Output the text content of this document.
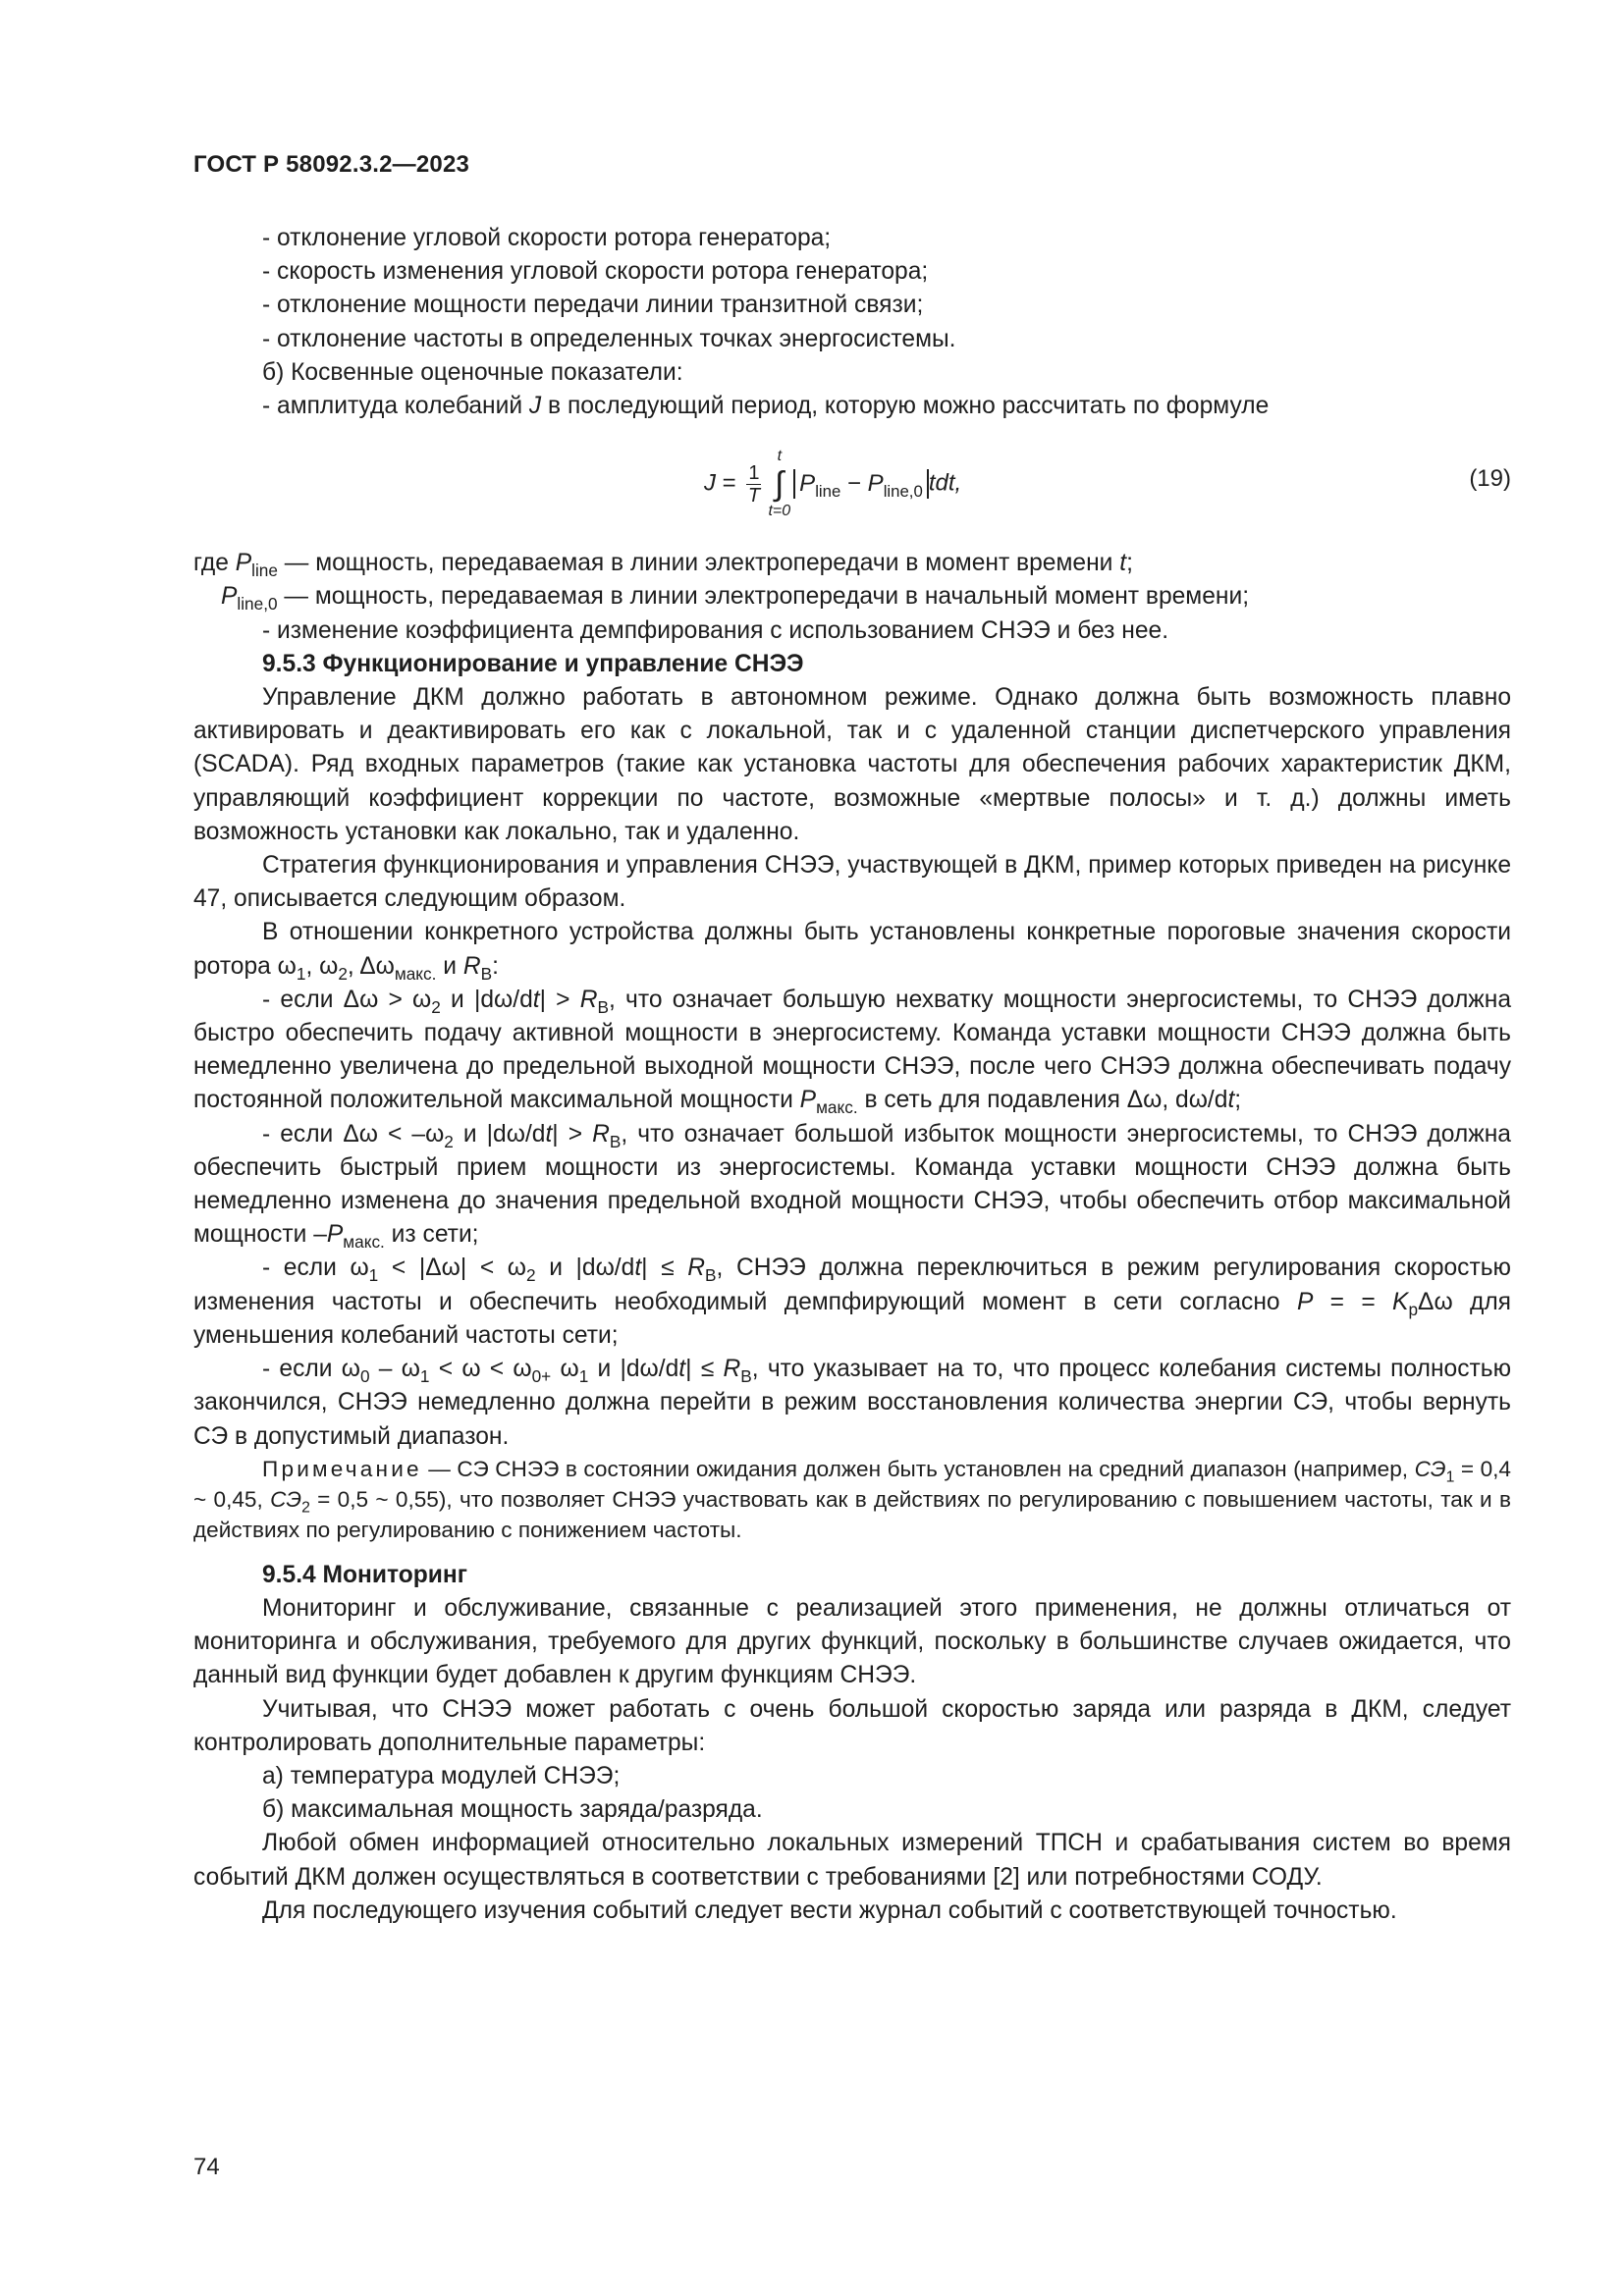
ГОСТ Р 58092.3.2—2023

- отклонение угловой скорости ротора генератора;

- скорость изменения угловой скорости ротора генератора;

- отклонение мощности передачи линии транзитной связи;

- отклонение частоты в определенных точках энергосистемы.

б) Косвенные оценочные показатели:

- амплитуда колебаний J в последующий период, которую можно рассчитать по формуле

$J = \frac{1}{T}$
t
∫
$t=0P_{line} - P_{line,0}$ tdt,	(19)

где $P_{line}$ — мощность, передаваемая в линии электропередачи в момент времени t;

$P_{line,0}$ — мощность, передаваемая в линии электропередачи в начальный момент времени;

- изменение коэффициента демпфирования с использованием СНЭЭ и без нее.

9.5.3 Функционирование и управление СНЭЭ

Управление ДКМ должно работать в автономном режиме. Однако должна быть возможность плавно активировать и деактивировать его как с локальной, так и с удаленной станции диспетчерского управления (SCADA). Ряд входных параметров (такие как установка частоты для обеспечения рабочих характеристик ДКМ, управляющий коэффициент коррекции по частоте, возможные «мертвые полосы» и т. д.) должны иметь возможность установки как локально, так и удаленно.

Стратегия функционирования и управления СНЭЭ, участвующей в ДКМ, пример которых приведен на рисунке 47, описывается следующим образом.

В отношении конкретного устройства должны быть установлены конкретные пороговые значения скорости ротора $\omega_1$, $\omega_2$, $\Delta\omega_{макс.}$ и $R_B$:

- если $\Delta\omega > \omega_2$ и $|d\omega/dt| > R_B$, что означает большую нехватку мощности энергосистемы, то СНЭЭ должна быстро обеспечить подачу активной мощности в энергосистему. Команда уставки мощности СНЭЭ должна быть немедленно увеличена до предельной выходной мощности СНЭЭ, после чего СНЭЭ должна обеспечивать подачу постоянной положительной максимальной мощности $P_{макс.}$ в сеть для подавления Δω, dω/dt;

- если $\Delta\omega < -\omega_2$ и $|d\omega/dt| > R_B$, что означает большой избыток мощности энергосистемы, то СНЭЭ должна обеспечить быстрый прием мощности из энергосистемы. Команда уставки мощности СНЭЭ должна быть немедленно изменена до значения предельной входной мощности СНЭЭ, чтобы обеспечить отбор максимальной мощности $-P_{макс.}$ из сети;

- если $\omega_1 < |\Delta\omega| < \omega_2$ и $|d\omega/dt| \le R_B$, СНЭЭ должна переключиться в режим регулирования скоростью изменения частоты и обеспечить необходимый демпфирующий момент в сети согласно P = = $K_p\Delta\omega$ для уменьшения колебаний частоты сети;

- если $\omega_0 - \omega_1 < \omega < \omega_{0+}$ $\omega_1$ и $|d\omega/dt| \le R_B$, что указывает на то, что процесс колебания системы полностью закончился, СНЭЭ немедленно должна перейти в режим восстановления количества энергии СЭ, чтобы вернуть СЭ в допустимый диапазон.

Примечание — СЭ СНЭЭ в состоянии ожидания должен быть установлен на средний диапазон (например, $СЭ_1 = 0,4$ ~ 0,45, $СЭ_2 = 0,5$ ~ 0,55), что позволяет СНЭЭ участвовать как в действиях по регулированию с повышением частоты, так и в действиях по регулированию с понижением частоты.

9.5.4 Мониторинг

Мониторинг и обслуживание, связанные с реализацией этого применения, не должны отличаться от мониторинга и обслуживания, требуемого для других функций, поскольку в большинстве случаев ожидается, что данный вид функции будет добавлен к другим функциям СНЭЭ.

Учитывая, что СНЭЭ может работать с очень большой скоростью заряда или разряда в ДКМ, следует контролировать дополнительные параметры:

а) температура модулей СНЭЭ;

б) максимальная мощность заряда/разряда.

Любой обмен информацией относительно локальных измерений ТПСН и срабатывания систем во время событий ДКМ должен осуществляться в соответствии с требованиями [2] или потребностями СОДУ.

Для последующего изучения событий следует вести журнал событий с соответствующей точностью.

74
